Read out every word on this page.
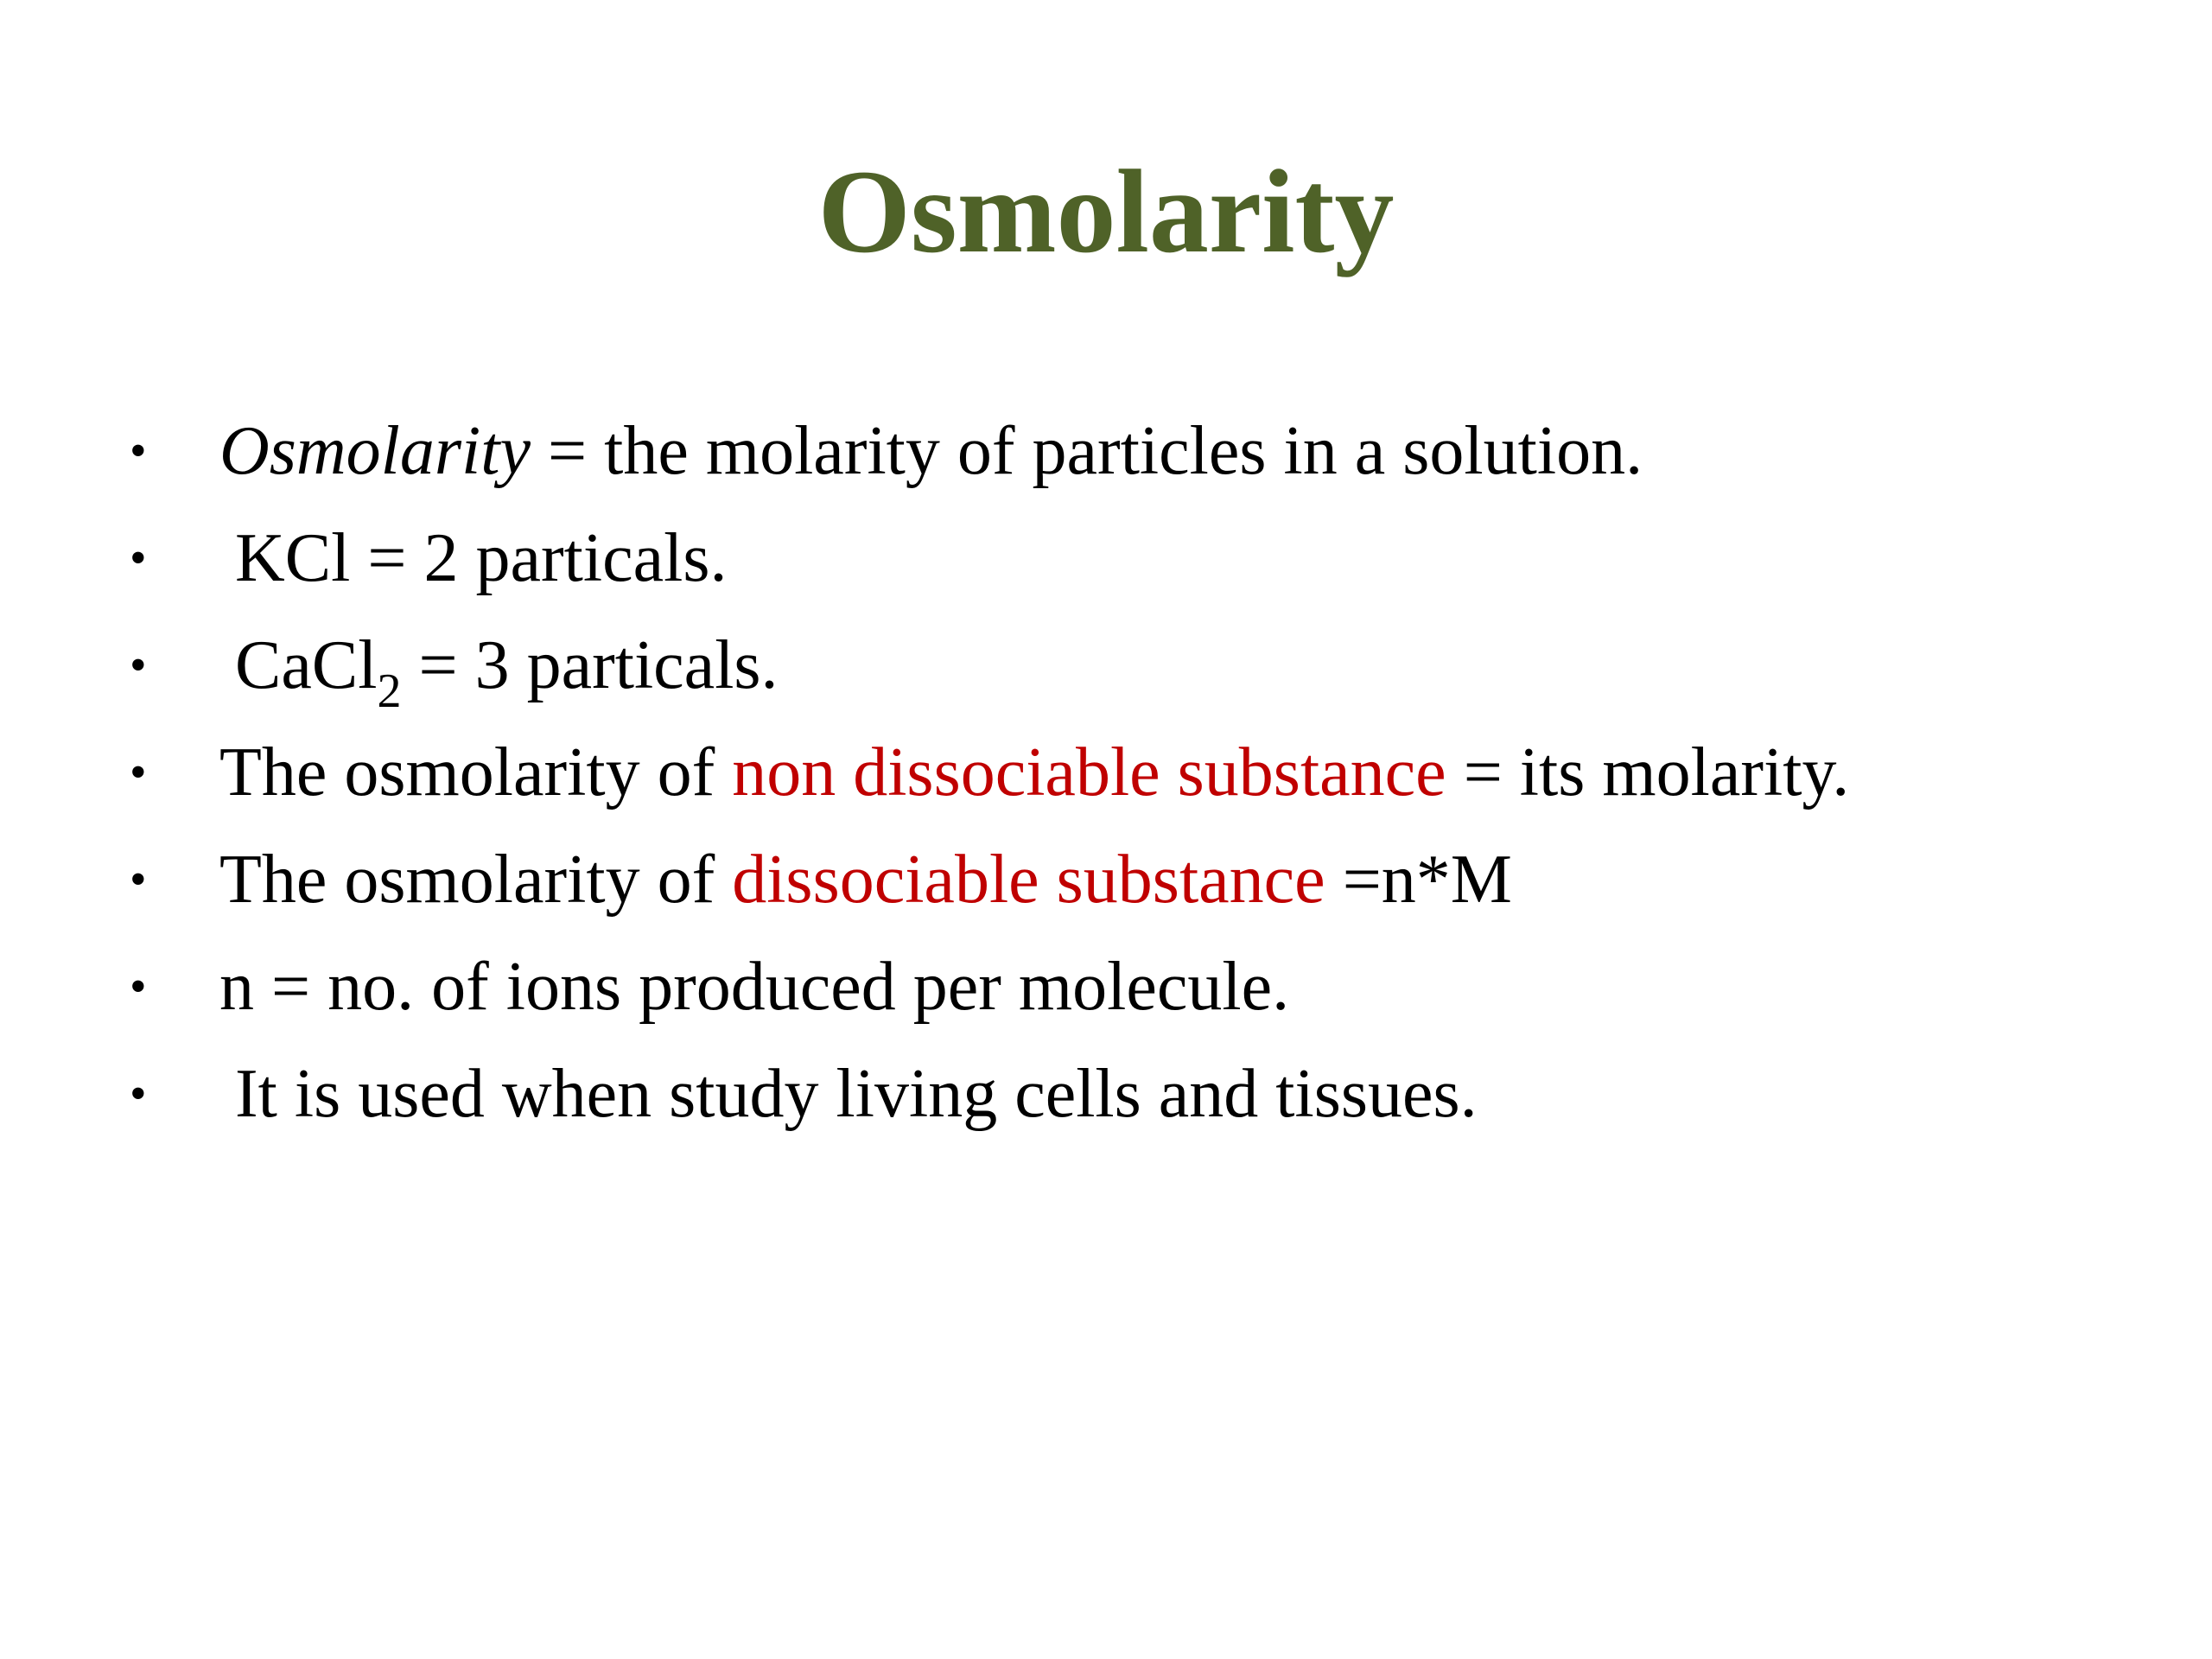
Osmolarity
• Osmolarity = the molarity of particles in a solution.
• KCl = 2 particals.
• CaCl$_2$ = 3 particals.
• The osmolarity of non dissociable substance = its molarity.
• The osmolarity of dissociable substance =n*M
• n = no. of ions produced per molecule.
• It is used when study living cells and tissues.
